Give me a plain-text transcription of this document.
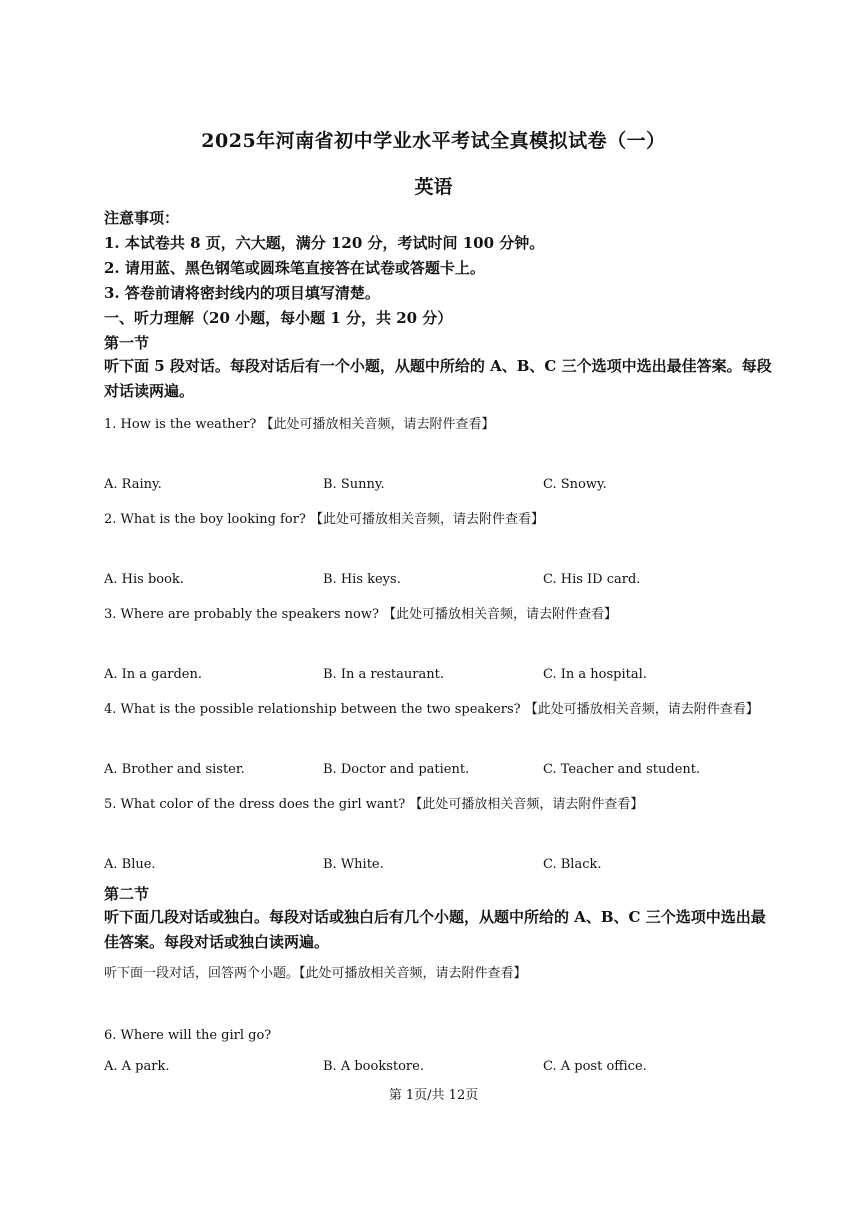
2025年河南省初中学业水平考试全真模拟试卷（一）
英语
注意事项：
1. 本试卷共 8 页，六大题，满分 120 分，考试时间 100 分钟。
2. 请用蓝、黑色钢笔或圆珠笔直接答在试卷或答题卡上。
3. 答卷前请将密封线内的项目填写清楚。
一、听力理解（20 小题，每小题 1 分，共 20 分）
第一节
听下面 5 段对话。每段对话后有一个小题，从题中所给的 A、B、C 三个选项中选出最佳答案。每段对话读两遍。
1. How is the weather? 【此处可播放相关音频，请去附件查看】
A. Rainy.	B. Sunny.	C. Snowy.
2. What is the boy looking for? 【此处可播放相关音频，请去附件查看】
A. His book.	B. His keys.	C. His ID card.
3. Where are probably the speakers now? 【此处可播放相关音频，请去附件查看】
A. In a garden.	B. In a restaurant.	C. In a hospital.
4. What is the possible relationship between the two speakers? 【此处可播放相关音频，请去附件查看】
A. Brother and sister.	B. Doctor and patient.	C. Teacher and student.
5. What color of the dress does the girl want? 【此处可播放相关音频，请去附件查看】
A. Blue.	B. White.	C. Black.
第二节
听下面几段对话或独白。每段对话或独白后有几个小题，从题中所给的 A、B、C 三个选项中选出最佳答案。每段对话或独白读两遍。
听下面一段对话，回答两个小题。【此处可播放相关音频，请去附件查看】
6. Where will the girl go?
A. A park.	B. A bookstore.	C. A post office.
第 1页/共 12页
